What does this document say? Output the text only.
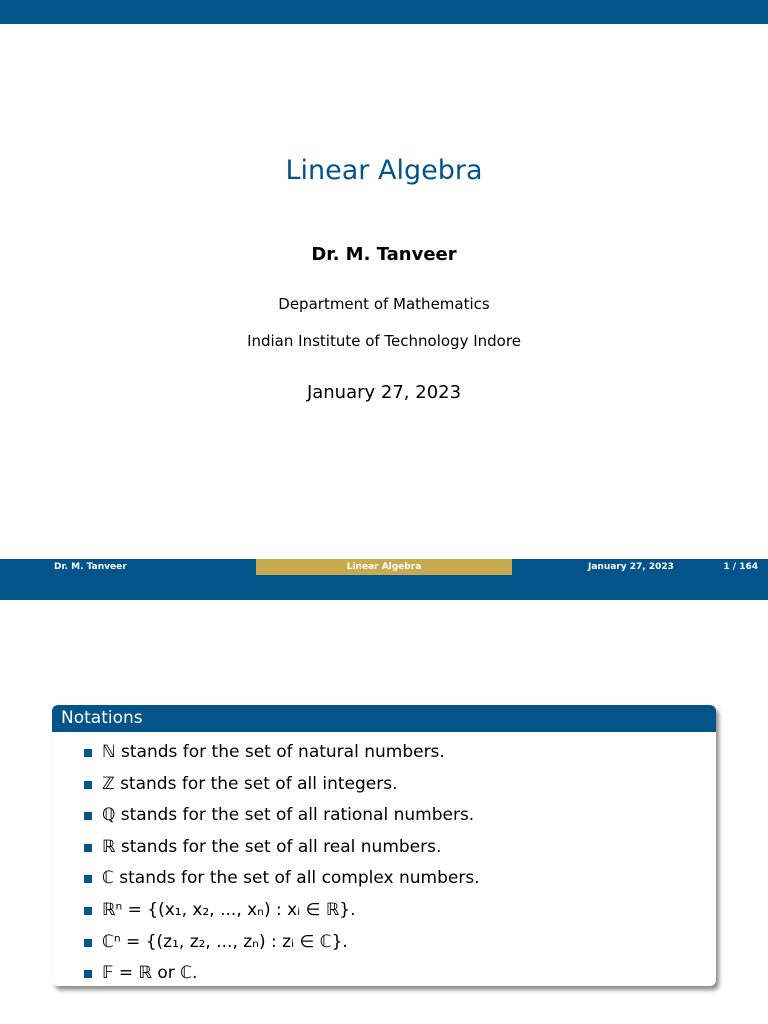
Linear Algebra
Dr. M. Tanveer
Department of Mathematics
Indian Institute of Technology Indore
January 27, 2023
Dr. M. Tanveer	Linear Algebra	January 27, 2023	1 / 164
Notations
ℕ stands for the set of natural numbers.
ℤ stands for the set of all integers.
ℚ stands for the set of all rational numbers.
ℝ stands for the set of all real numbers.
ℂ stands for the set of all complex numbers.
ℝⁿ = {(x₁, x₂, ..., xₙ) : xᵢ ∈ ℝ}.
ℂⁿ = {(z₁, z₂, ..., zₙ) : zᵢ ∈ ℂ}.
𝔽 = ℝ or ℂ.
